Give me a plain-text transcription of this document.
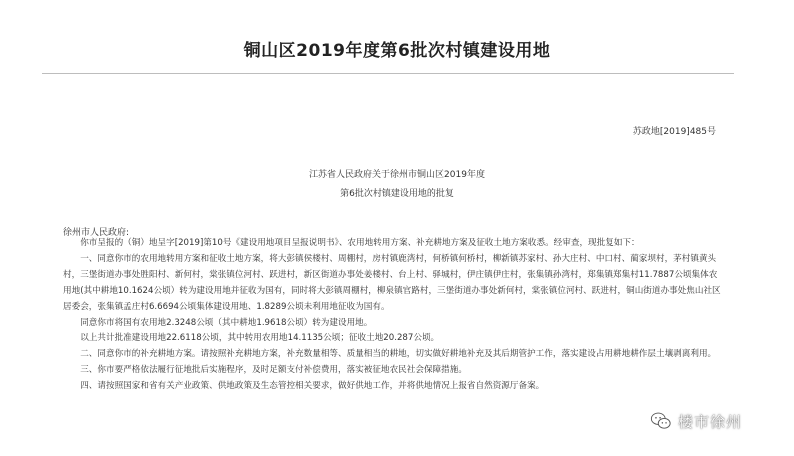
铜山区2019年度第6批次村镇建设用地
苏政地[2019]485号
江苏省人民政府关于徐州市铜山区2019年度
第6批次村镇建设用地的批复
徐州市人民政府:

你市呈报的（铜）地呈字[2019]第10号《建设用地项目呈报说明书》、农用地转用方案、补充耕地方案及征收土地方案收悉。经审查，现批复如下：

一、同意你市的农用地转用方案和征收土地方案，将大彭镇侯楼村、周棚村，房村镇鹿湾村，何桥镇何桥村，柳新镇苏家村、孙大庄村、中口村、蔺家坝村，茅村镇黄头村，三堡街道办事处胜阳村、新何村，棠张镇位河村、跃进村，新区街道办事处姜楼村、台上村、驿城村，伊庄镇伊庄村，张集镇孙湾村，郑集镇郑集村11.7887公顷集体农用地(其中耕地10.1624公顷）转为建设用地并征收为国有，同时将大彭镇周棚村，柳泉镇官路村，三堡街道办事处新何村，棠张镇位河村、跃进村，铜山街道办事处焦山社区居委会，张集镇孟庄村6.6694公顷集体建设用地、1.8289公顷未利用地征收为国有。

同意你市将国有农用地2.3248公顷（其中耕地1.9618公顷）转为建设用地。

以上共计批准建设用地22.6118公顷，其中转用农用地14.1135公顷；征收土地20.287公顷。

二、同意你市的补充耕地方案。请按照补充耕地方案，补充数量相等、质量相当的耕地，切实做好耕地补充及其后期管护工作，落实建设占用耕地耕作层土壤剥离利用。

三、你市要严格依法履行征地批后实施程序，及时足额支付补偿费用，落实被征地农民社会保障措施。

四、请按照国家和省有关产业政策、供地政策及生态管控相关要求，做好供地工作，并将供地情况上报省自然资源厅备案。

楼市徐州
